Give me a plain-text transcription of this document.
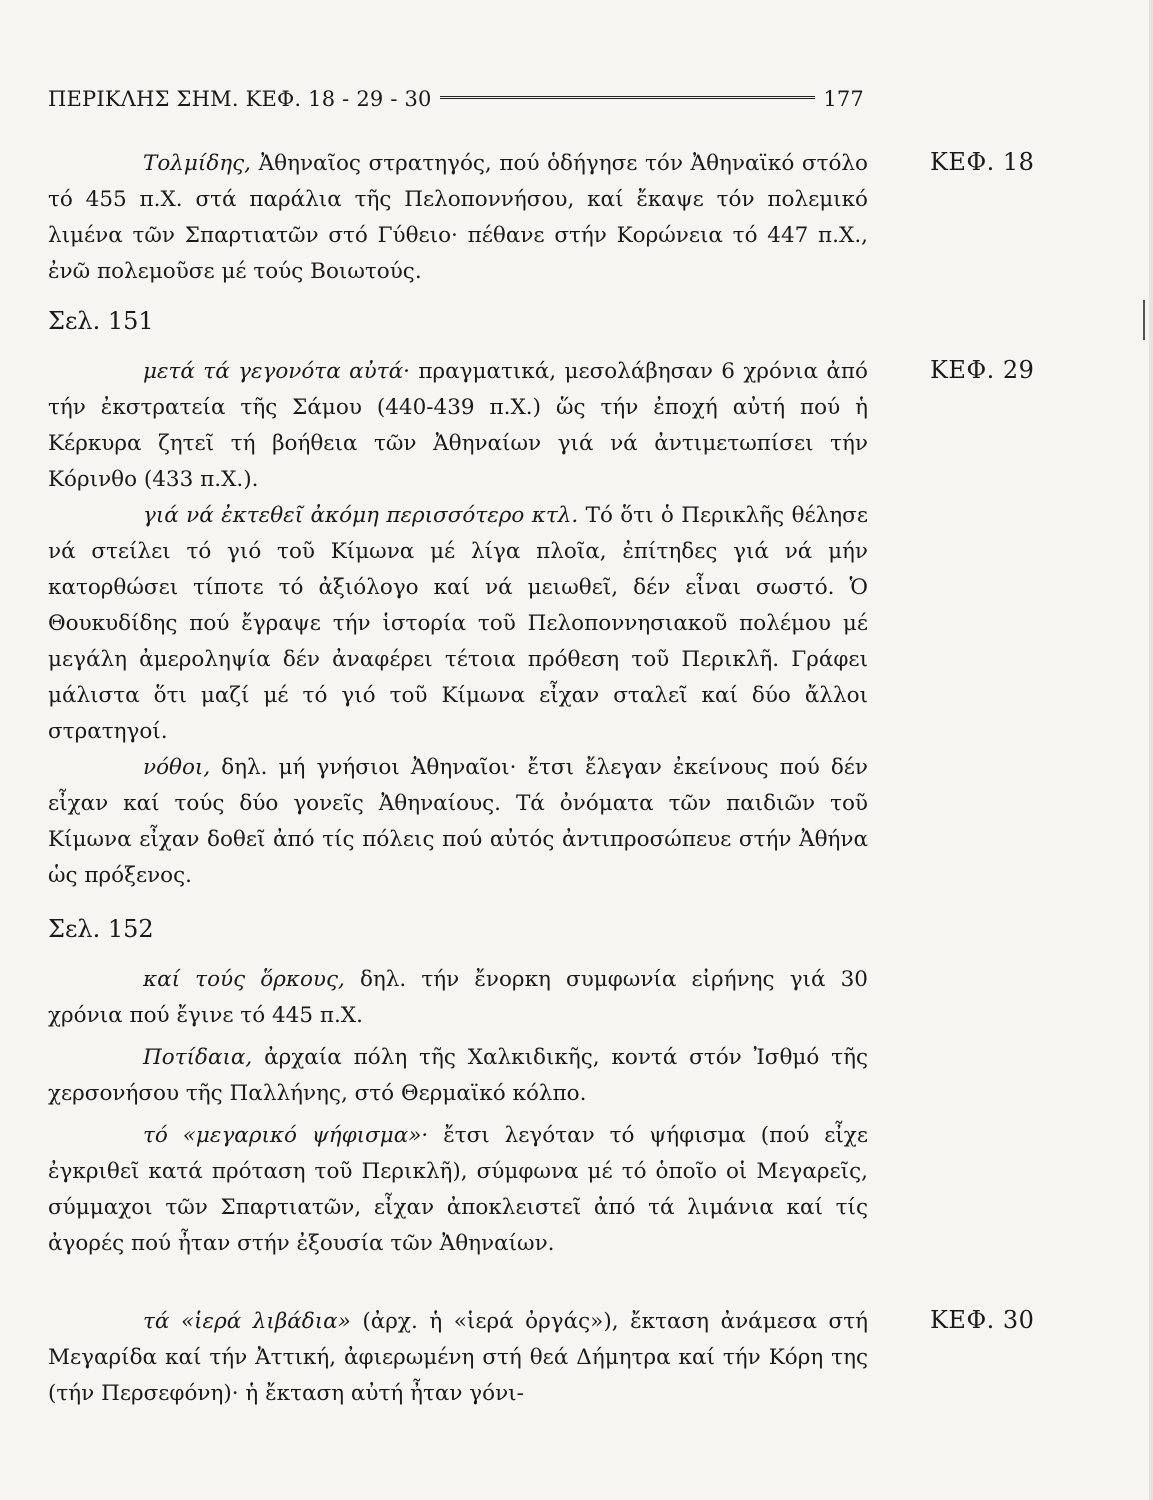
ΠΕΡΙΚΛΗΣ ΣΗΜ. ΚΕΦ. 18 - 29 - 30	177
ΚΕΦ. 18
ΚΕΦ. 29
ΚΕΦ. 30

Τολμίδης, Ἀθηναῖος στρατηγός, πού ὁδήγησε τόν Ἀθηναϊκό στόλο τό 455 π.Χ. στά παράλια τῆς Πελοποννήσου, καί ἔκαψε τόν πολεμικό λιμένα τῶν Σπαρτιατῶν στό Γύθειο· πέθανε στήν Κορώνεια τό 447 π.Χ., ἐνῶ πολεμοῦσε μέ τούς Βοιωτούς.

Σελ. 151

μετά τά γεγονότα αὐτά· πραγματικά, μεσολάβησαν 6 χρόνια ἀπό τήν ἐκστρατεία τῆς Σάμου (440-439 π.Χ.) ὥς τήν ἐποχή αὐτή πού ἡ Κέρκυρα ζητεῖ τή βοήθεια τῶν Ἀθηναίων γιά νά ἀντιμετωπίσει τήν Κόρινθο (433 π.Χ.).

γιά νά ἐκτεθεῖ ἀκόμη περισσότερο κτλ. Τό ὅτι ὁ Περικλῆς θέλησε νά στείλει τό γιό τοῦ Κίμωνα μέ λίγα πλοῖα, ἐπίτηδες γιά νά μήν κατορθώσει τίποτε τό ἀξιόλογο καί νά μειωθεῖ, δέν εἶναι σωστό. Ὁ Θουκυδίδης πού ἔγραψε τήν ἱστορία τοῦ Πελοποννησιακοῦ πολέμου μέ μεγάλη ἀμεροληψία δέν ἀναφέρει τέτοια πρόθεση τοῦ Περικλῆ. Γράφει μάλιστα ὅτι μαζί μέ τό γιό τοῦ Κίμωνα εἶχαν σταλεῖ καί δύο ἄλλοι στρατηγοί.

νόθοι, δηλ. μή γνήσιοι Ἀθηναῖοι· ἔτσι ἔλεγαν ἐκείνους πού δέν εἶχαν καί τούς δύο γονεῖς Ἀθηναίους. Τά ὀνόματα τῶν παιδιῶν τοῦ Κίμωνα εἶχαν δοθεῖ ἀπό τίς πόλεις πού αὐτός ἀντιπροσώπευε στήν Ἀθήνα ὡς πρόξενος.

Σελ. 152

καί τούς ὅρκους, δηλ. τήν ἔνορκη συμφωνία εἰρήνης γιά 30 χρόνια πού ἔγινε τό 445 π.Χ.

Ποτίδαια, ἀρχαία πόλη τῆς Χαλκιδικῆς, κοντά στόν Ἰσθμό τῆς χερσονήσου τῆς Παλλήνης, στό Θερμαϊκό κόλπο.

τό «μεγαρικό ψήφισμα»· ἔτσι λεγόταν τό ψήφισμα (πού εἶχε ἐγκριθεῖ κατά πρόταση τοῦ Περικλῆ), σύμφωνα μέ τό ὁποῖο οἱ Μεγαρεῖς, σύμμαχοι τῶν Σπαρτιατῶν, εἶχαν ἀποκλειστεῖ ἀπό τά λιμάνια καί τίς ἀγορές πού ἦταν στήν ἐξουσία τῶν Ἀθηναίων.

τά «ἱερά λιβάδια» (ἀρχ. ἡ «ἱερά ὀργάς»), ἔκταση ἀνάμεσα στή Μεγαρίδα καί τήν Ἀττική, ἀφιερωμένη στή θεά Δήμητρα καί τήν Κόρη της (τήν Περσεφόνη)· ἡ ἔκταση αὐτή ἦταν γόνι-
